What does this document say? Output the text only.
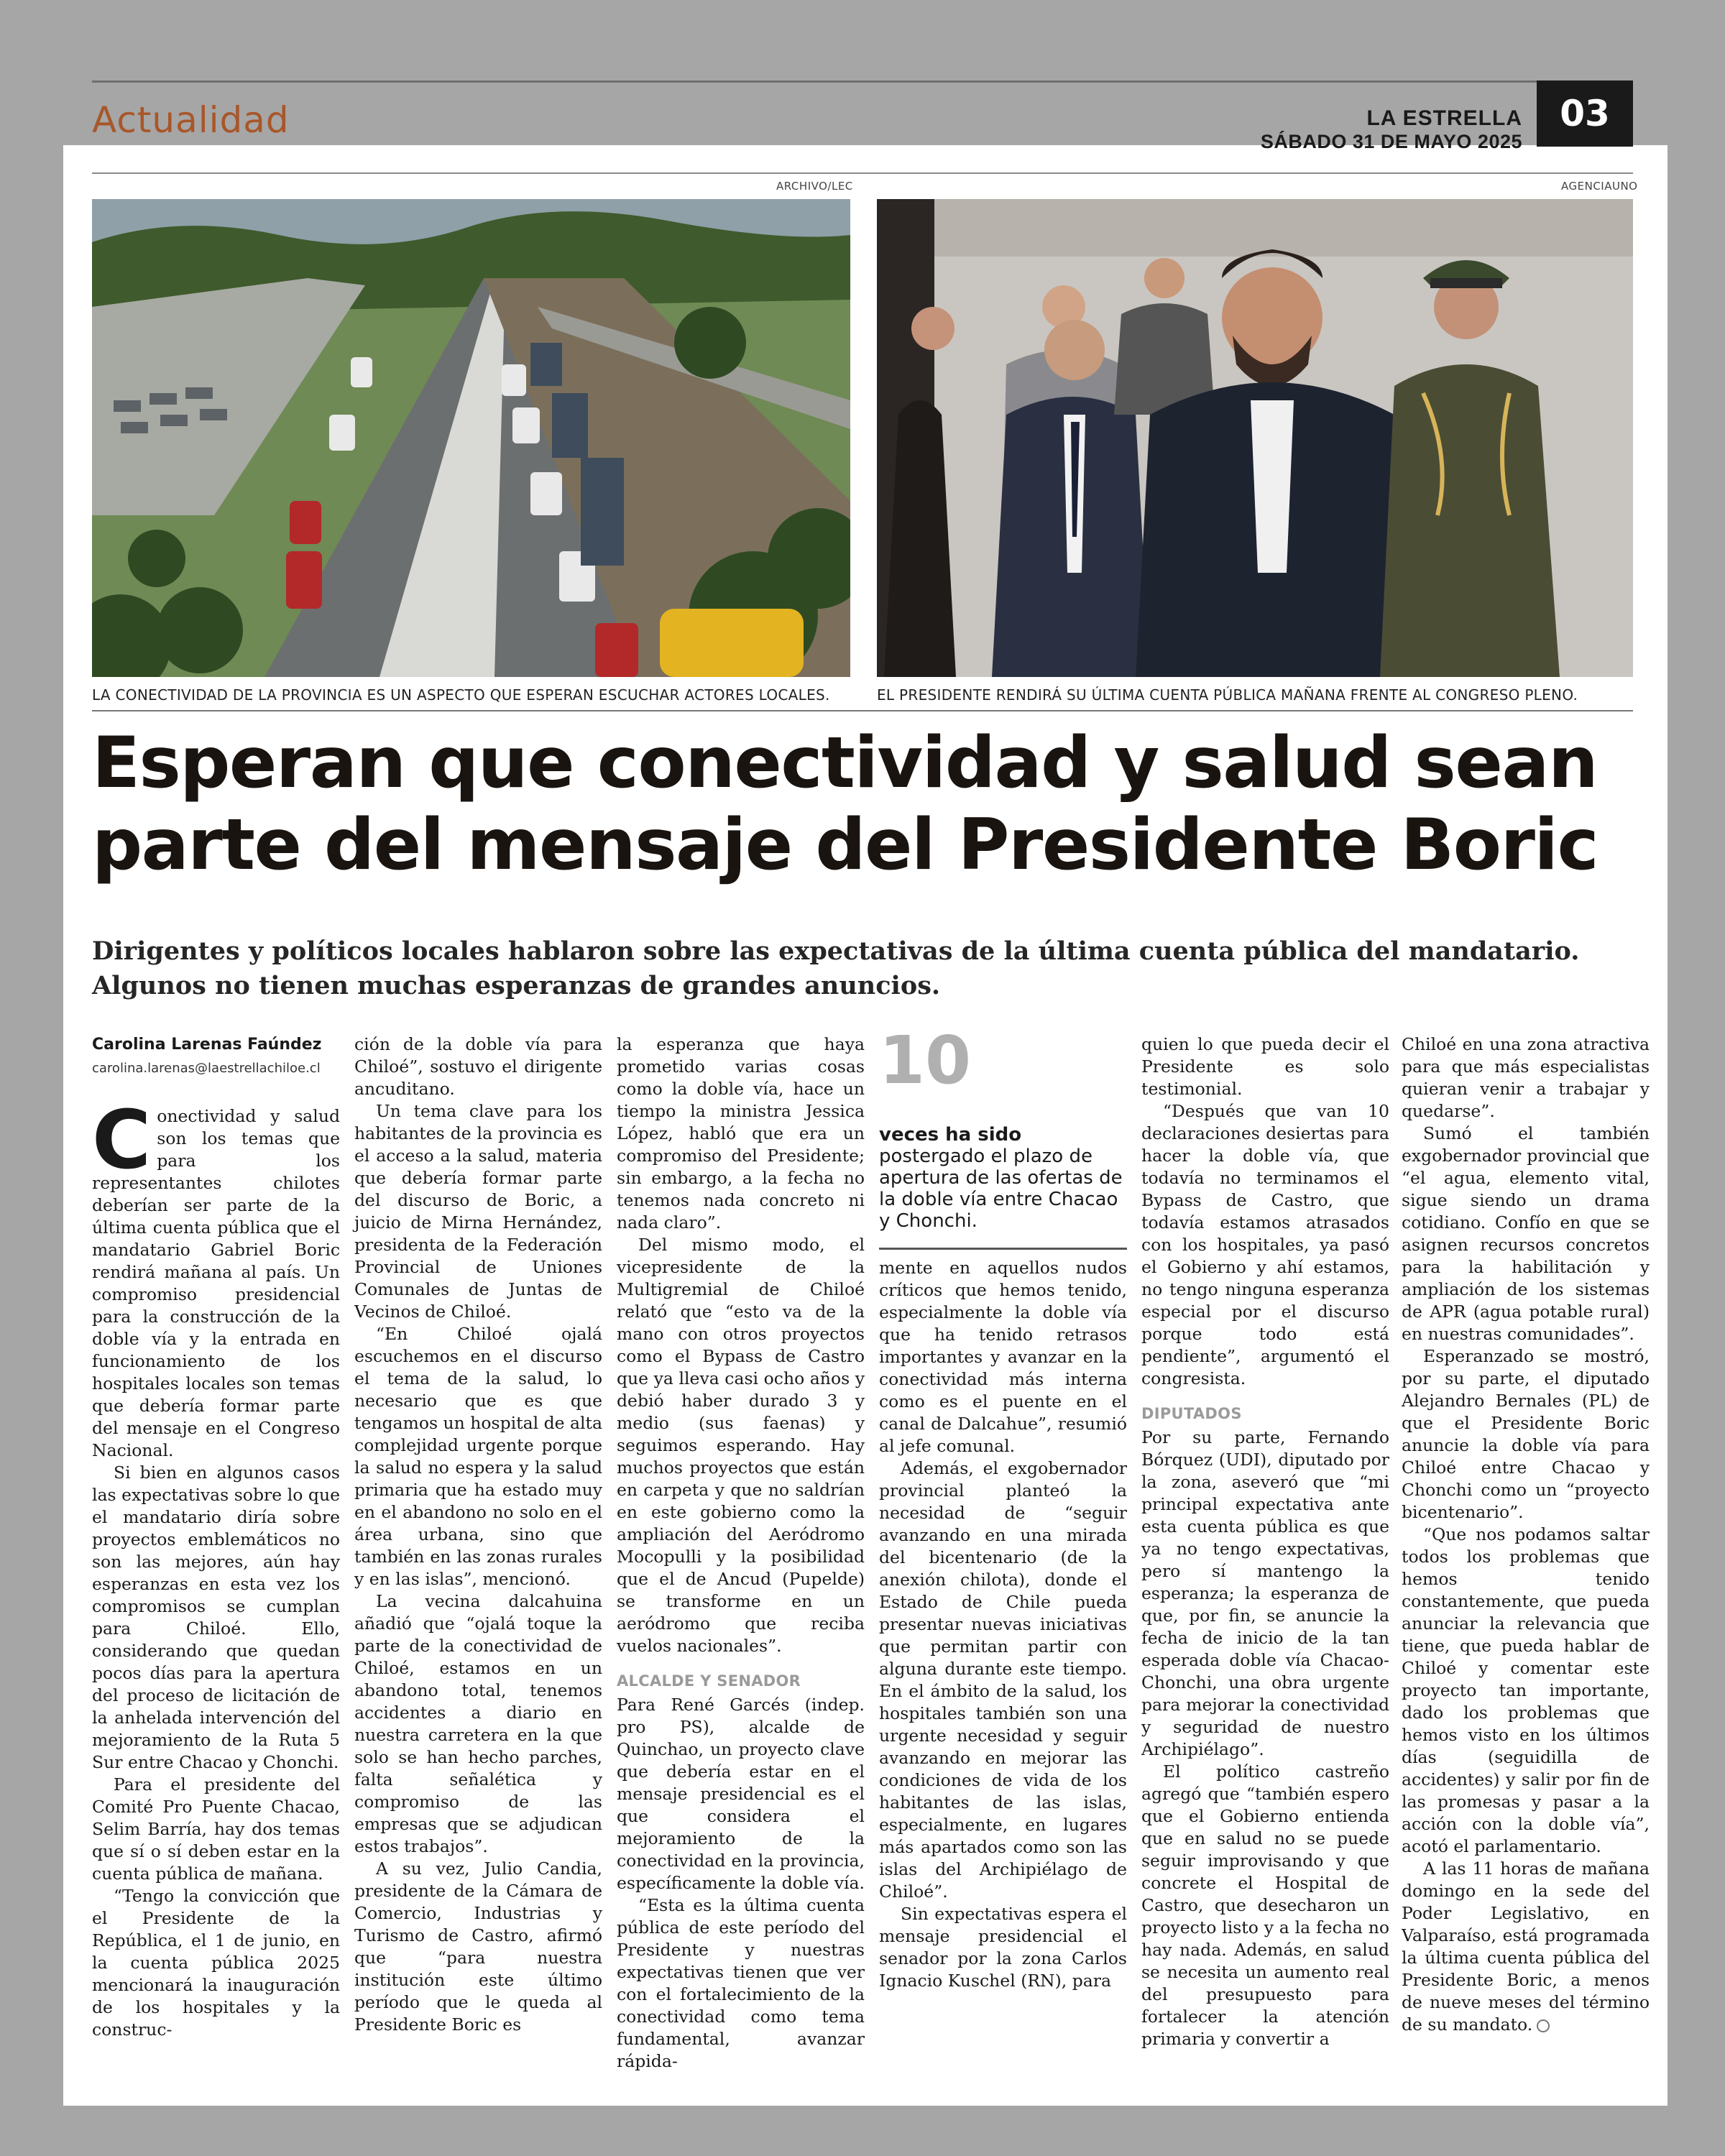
Actualidad	LA ESTRELLA
SÁBADO 31 DE MAYO 2025
03
ARCHIVO/LEC
LA CONECTIVIDAD DE LA PROVINCIA ES UN ASPECTO QUE ESPERAN ESCUCHAR ACTORES LOCALES.
AGENCIAUNO
EL PRESIDENTE RENDIRÁ SU ÚLTIMA CUENTA PÚBLICA MAÑANA FRENTE AL CONGRESO PLENO.
Esperan que conectividad y salud sean parte del mensaje del Presidente Boric
Dirigentes y políticos locales hablaron sobre las expectativas de la última cuenta pública del mandatario. Algunos no tienen muchas esperanzas de grandes anuncios.
Carolina Larenas Faúndez
carolina.larenas@laestrellachiloe.cl

Conectividad y salud son los temas que para los representantes chilotes deberían ser parte de la última cuenta pública que el mandatario Gabriel Boric rendirá mañana al país. Un compromiso presidencial para la construcción de la doble vía y la entrada en funcionamiento de los hospitales locales son temas que debería formar parte del mensaje en el Congreso Nacional.

Si bien en algunos casos las expectativas sobre lo que el mandatario diría sobre proyectos emblemáticos no son las mejores, aún hay esperanzas en esta vez los compromisos se cumplan para Chiloé. Ello, considerando que quedan pocos días para la apertura del proceso de licitación de la anhelada intervención del mejoramiento de la Ruta 5 Sur entre Chacao y Chonchi.

Para el presidente del Comité Pro Puente Chacao, Selim Barría, hay dos temas que sí o sí deben estar en la cuenta pública de mañana.

“Tengo la convicción que el Presidente de la República, el 1 de junio, en la cuenta pública 2025 mencionará la inauguración de los hospitales y la construc-

ción de la doble vía para Chiloé”, sostuvo el dirigente ancuditano.

Un tema clave para los habitantes de la provincia es el acceso a la salud, materia que debería formar parte del discurso de Boric, a juicio de Mirna Hernández, presidenta de la Federación Provincial de Uniones Comunales de Juntas de Vecinos de Chiloé.

“En Chiloé ojalá escuchemos en el discurso el tema de la salud, lo necesario que es que tengamos un hospital de alta complejidad urgente porque la salud no espera y la salud primaria que ha estado muy en el abandono no solo en el área urbana, sino que también en las zonas rurales y en las islas”, mencionó.

La vecina dalcahuina añadió que “ojalá toque la parte de la conectividad de Chiloé, estamos en un abandono total, tenemos accidentes a diario en nuestra carretera en la que solo se han hecho parches, falta señalética y compromiso de las empresas que se adjudican estos trabajos”.

A su vez, Julio Candia, presidente de la Cámara de Comercio, Industrias y Turismo de Castro, afirmó que “para nuestra institución este último período que le queda al Presidente Boric es

la esperanza que haya prometido varias cosas como la doble vía, hace un tiempo la ministra Jessica López, habló que era un compromiso del Presidente; sin embargo, a la fecha no tenemos nada concreto ni nada claro”.

Del mismo modo, el vicepresidente de la Multigremial de Chiloé relató que “esto va de la mano con otros proyectos como el Bypass de Castro que ya lleva casi ocho años y debió haber durado 3 y medio (sus faenas) y seguimos esperando. Hay muchos proyectos que están en carpeta y que no saldrían en este gobierno como la ampliación del Aeródromo Mocopulli y la posibilidad que el de Ancud (Pupelde) se transforme en un aeródromo que reciba vuelos nacionales”.

ALCALDE Y SENADOR

Para René Garcés (indep. pro PS), alcalde de Quinchao, un proyecto clave que debería estar en el mensaje presidencial es el que considera el mejoramiento de la conectividad en la provincia, específicamente la doble vía.

“Esta es la última cuenta pública de este período del Presidente y nuestras expectativas tienen que ver con el fortalecimiento de la conectividad como tema fundamental, avanzar rápida-

10
veces ha sido
postergado el plazo de apertura de las ofertas de la doble vía entre Chacao y Chonchi.

mente en aquellos nudos críticos que hemos tenido, especialmente la doble vía que ha tenido retrasos importantes y avanzar en la conectividad más interna como es el puente en el canal de Dalcahue”, resumió al jefe comunal.

Además, el exgobernador provincial planteó la necesidad de “seguir avanzando en una mirada del bicentenario (de la anexión chilota), donde el Estado de Chile pueda presentar nuevas iniciativas que permitan partir con alguna durante este tiempo. En el ámbito de la salud, los hospitales también son una urgente necesidad y seguir avanzando en mejorar las condiciones de vida de los habitantes de las islas, especialmente, en lugares más apartados como son las islas del Archipiélago de Chiloé”.

Sin expectativas espera el mensaje presidencial el senador por la zona Carlos Ignacio Kuschel (RN), para

quien lo que pueda decir el Presidente es solo testimonial.

“Después que van 10 declaraciones desiertas para hacer la doble vía, que todavía no terminamos el Bypass de Castro, que todavía estamos atrasados con los hospitales, ya pasó el Gobierno y ahí estamos, no tengo ninguna esperanza especial por el discurso porque todo está pendiente”, argumentó el congresista.

DIPUTADOS

Por su parte, Fernando Bórquez (UDI), diputado por la zona, aseveró que “mi principal expectativa ante esta cuenta pública es que ya no tengo expectativas, pero sí mantengo la esperanza; la esperanza de que, por fin, se anuncie la fecha de inicio de la tan esperada doble vía Chacao-Chonchi, una obra urgente para mejorar la conectividad y seguridad de nuestro Archipiélago”.

El político castreño agregó que “también espero que el Gobierno entienda que en salud no se puede seguir improvisando y que concrete el Hospital de Castro, que desecharon un proyecto listo y a la fecha no hay nada. Además, en salud se necesita un aumento real del presupuesto para fortalecer la atención primaria y convertir a

Chiloé en una zona atractiva para que más especialistas quieran venir a trabajar y quedarse”.

Sumó el también exgobernador provincial que “el agua, elemento vital, sigue siendo un drama cotidiano. Confío en que se asignen recursos concretos para la habilitación y ampliación de los sistemas de APR (agua potable rural) en nuestras comunidades”.

Esperanzado se mostró, por su parte, el diputado Alejandro Bernales (PL) de que el Presidente Boric anuncie la doble vía para Chiloé entre Chacao y Chonchi como un “proyecto bicentenario”.

“Que nos podamos saltar todos los problemas que hemos tenido constantemente, que pueda anunciar la relevancia que tiene, que pueda hablar de Chiloé y comentar este proyecto tan importante, dado los problemas que hemos visto en los últimos días (seguidilla de accidentes) y salir por fin de las promesas y pasar a la acción con la doble vía”, acotó el parlamentario.

A las 11 horas de mañana domingo en la sede del Poder Legislativo, en Valparaíso, está programada la última cuenta pública del Presidente Boric, a menos de nueve meses del término de su mandato.
